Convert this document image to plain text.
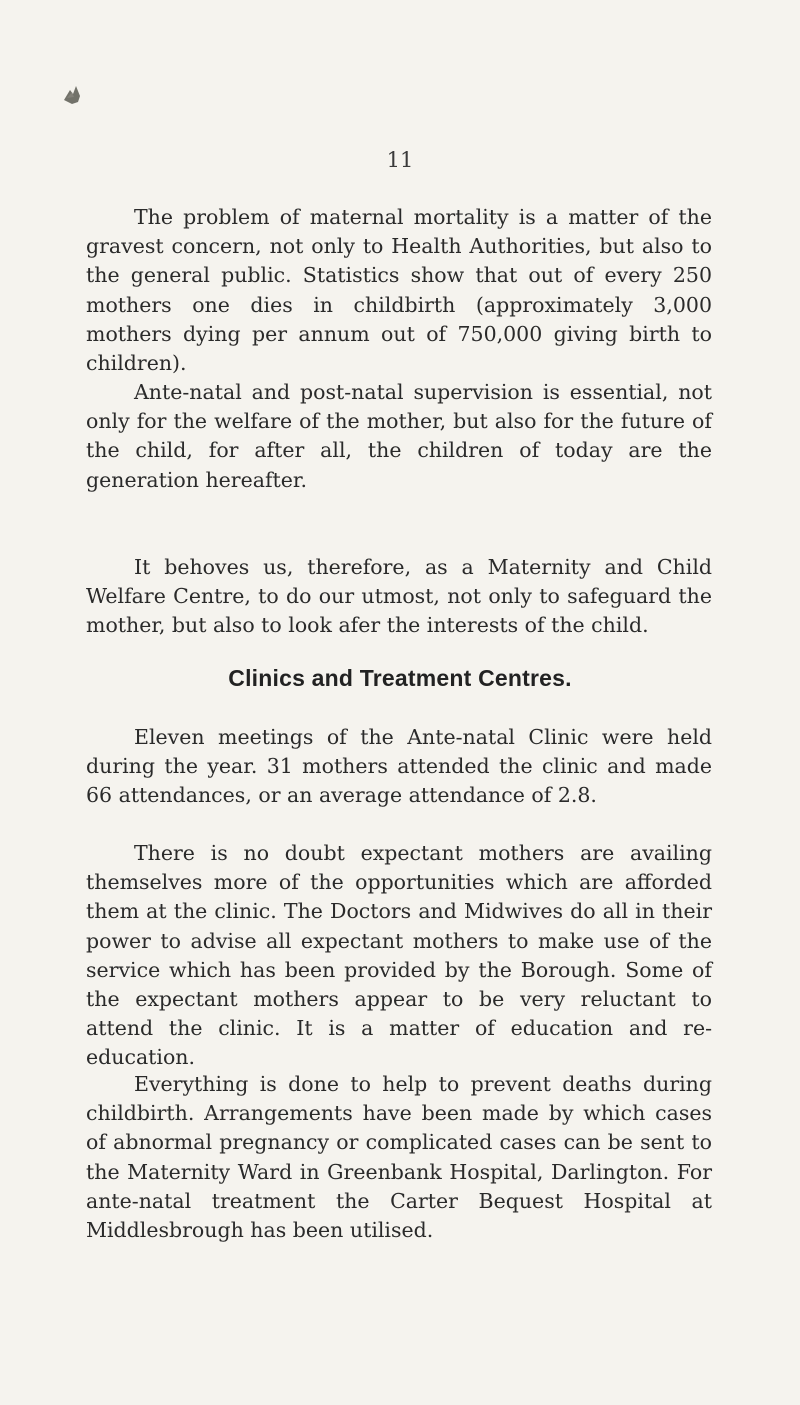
11

The problem of maternal mortality is a matter of the gravest concern, not only to Health Authorities, but also to the general public. Statistics show that out of every 250 mothers one dies in childbirth (approximately 3,000 mothers dying per annum out of 750,000 giving birth to children).

Ante-natal and post-natal supervision is essential, not only for the welfare of the mother, but also for the future of the child, for after all, the children of today are the generation hereafter.

It behoves us, therefore, as a Maternity and Child Welfare Centre, to do our utmost, not only to safeguard the mother, but also to look afer the interests of the child.

Clinics and Treatment Centres.

Eleven meetings of the Ante-natal Clinic were held during the year. 31 mothers attended the clinic and made 66 attendances, or an average attendance of 2.8.

There is no doubt expectant mothers are availing themselves more of the opportunities which are afforded them at the clinic. The Doctors and Midwives do all in their power to advise all expectant mothers to make use of the service which has been provided by the Borough. Some of the expectant mothers appear to be very reluctant to attend the clinic. It is a matter of education and re-education.

Everything is done to help to prevent deaths during childbirth. Arrangements have been made by which cases of abnormal pregnancy or complicated cases can be sent to the Maternity Ward in Greenbank Hospital, Darlington. For ante-natal treatment the Carter Bequest Hospital at Middlesbrough has been utilised.
